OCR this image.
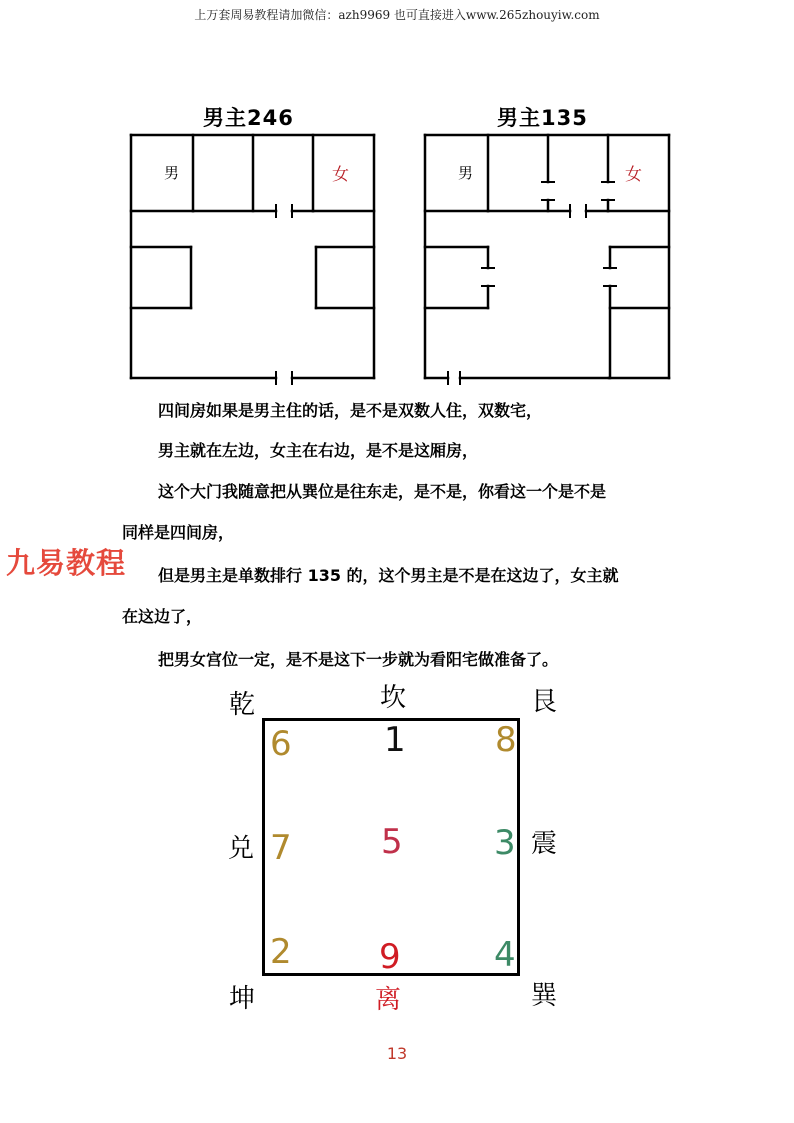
上万套周易教程请加微信：azh9969 也可直接进入www.265zhouyiw.com
男主246
男	女
男主135
男	女
四间房如果是男主住的话，是不是双数人住，双数宅，
男主就在左边，女主在右边，是不是这厢房，
这个大门我随意把从巽位是往东走，是不是，你看这一个是不是
同样是四间房，
但是男主是单数排行 135 的，这个男主是不是在这边了，女主就
在这边了，
把男女宫位一定，是不是这下一步就为看阳宅做准备了。
九易教程
6	1	8
7	5	3
2	9	4
乾	坎	艮
兑	震
坤	离	巽
13
